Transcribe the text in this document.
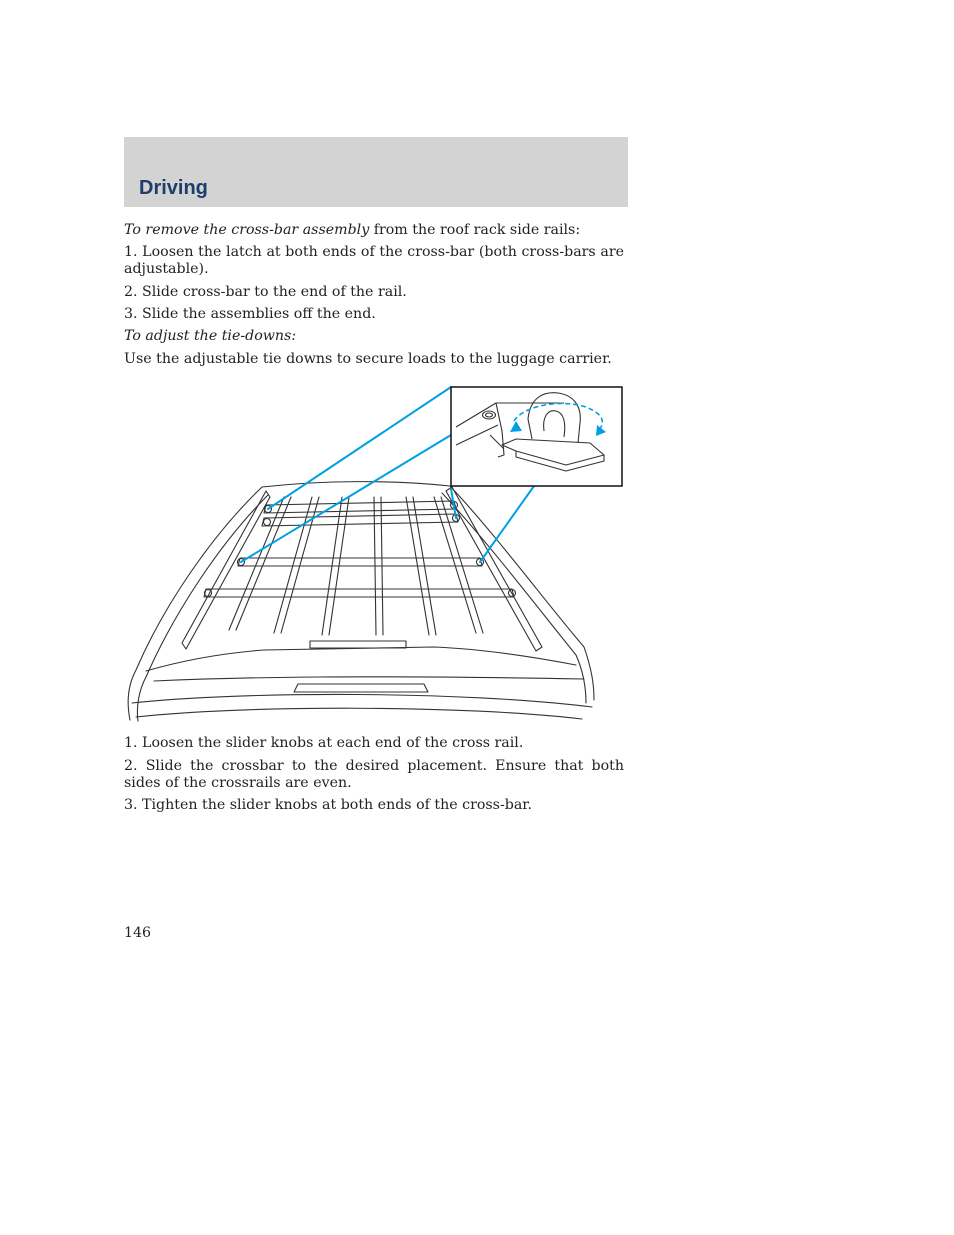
Driving

To remove the cross-bar assembly from the roof rack side rails:

1. Loosen the latch at both ends of the cross-bar (both cross-bars are adjustable).

2. Slide cross-bar to the end of the rail.

3. Slide the assemblies off the end.

To adjust the tie-downs:

Use the adjustable tie downs to secure loads to the luggage carrier.

1. Loosen the slider knobs at each end of the cross rail.

2. Slide the crossbar to the desired placement. Ensure that both sides of the crossrails are even.

3. Tighten the slider knobs at both ends of the cross-bar.

146
